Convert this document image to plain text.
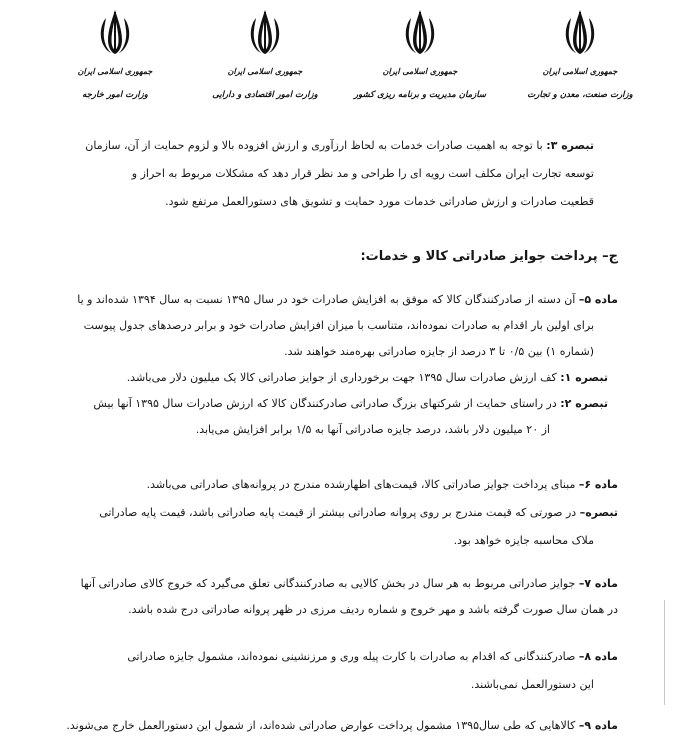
جمهوری اسلامی ایران
وزارت امور خارجه
جمهوری اسلامی ایران
وزارت امور اقتصادی و دارایی
جمهوری اسلامی ایران
سازمان مدیریت و برنامه ریزی کشور
جمهوری اسلامی ایران
وزارت صنعت، معدن و تجارت
تبصره ۳: با توجه به اهمیت صادرات خدمات به لحاظ ارزآوری و ارزش افزوده بالا و لزوم حمایت از آن، سازمان
توسعه تجارت ایران مکلف است رویه ای را طراحی و مد نظر قرار دهد که مشکلات مربوط به احراز و
قطعیت صادرات و ارزش صادراتی خدمات مورد حمایت و تشویق های دستورالعمل مرتفع شود.
ج– پرداخت جوایز صادراتی کالا و خدمات:
ماده ۵– آن دسته از صادرکنندگان کالا که موفق به افزایش صادرات خود در سال ۱۳۹۵ نسبت به سال ۱۳۹۴ شده‌اند و یا
برای اولین بار اقدام به صادرات نموده‌اند، متناسب با میزان افزایش صادرات خود و برابر درصدهای جدول پیوست
(شماره ۱) بین ۰/۵ تا ۳ درصد از جایزه صادراتی بهره‌مند خواهند شد.
تبصره ۱: کف ارزش صادرات سال ۱۳۹۵ جهت برخورداری از جوایز صادراتی کالا یک میلیون دلار می‌باشد.
تبصره ۲: در راستای حمایت از شرکتهای بزرگ صادراتی صادرکنندگان کالا که ارزش صادرات سال ۱۳۹۵ آنها بیش
از ۲۰ میلیون دلار باشد، درصد جایزه صادراتی آنها به ۱/۵ برابر افزایش می‌یابد.
ماده ۶– مبنای پرداخت جوایز صادراتی کالا، قیمت‌های اظهارشده مندرج در پروانه‌های صادراتی می‌باشد.
تبصره– در صورتی که قیمت مندرج بر روی پروانه صادراتی بیشتر از قیمت پایه صادراتی باشد، قیمت پایه صادراتی
ملاک محاسبه جایزه خواهد بود.
ماده ۷– جوایز صادراتی مربوط به هر سال در بخش کالایی به صادرکنندگانی تعلق می‌گیرد که خروج کالای صادراتی آنها
در همان سال صورت گرفته باشد و مهر خروج و شماره ردیف مرزی در ظهر پروانه صادراتی درج شده باشد.
ماده ۸– صادرکنندگانی که اقدام به صادرات با کارت پیله وری و مرزنشینی نموده‌اند، مشمول جایزه صادراتی
این دستورالعمل نمی‌باشند.
ماده ۹– کالاهایی که طی سال۱۳۹۵ مشمول پرداخت عوارض صادراتی شده‌اند، از شمول این دستورالعمل خارج می‌شوند.
